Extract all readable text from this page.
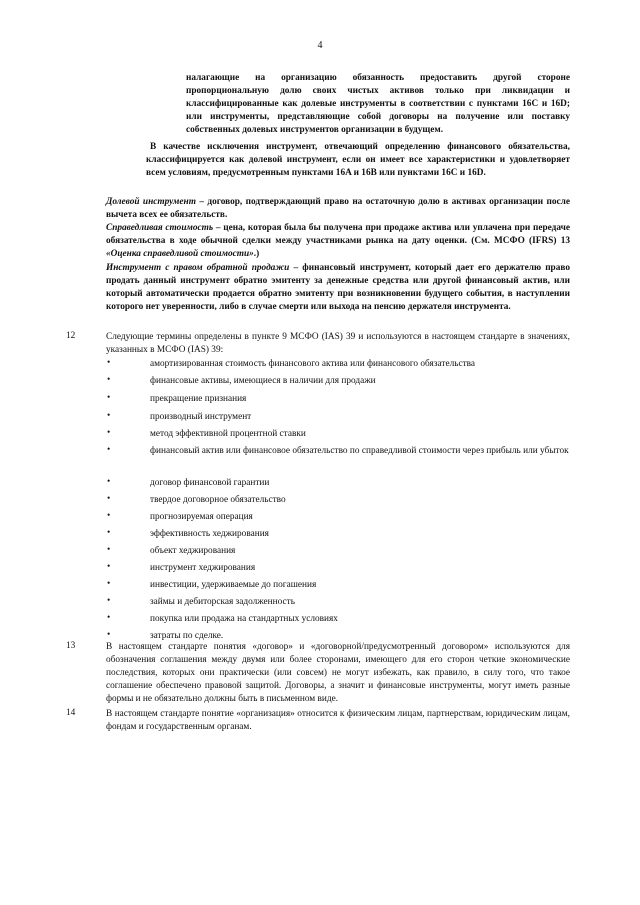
4
налагающие на организацию обязанность предоставить другой стороне пропорциональную долю своих чистых активов только при ликвидации и классифицированные как долевые инструменты в соответствии с пунктами 16C и 16D; или инструменты, представляющие собой договоры на получение или поставку собственных долевых инструментов организации в будущем.
В качестве исключения инструмент, отвечающий определению финансового обязательства, классифицируется как долевой инструмент, если он имеет все характеристики и удовлетворяет всем условиям, предусмотренным пунктами 16A и 16B или пунктами 16C и 16D.
Долевой инструмент – договор, подтверждающий право на остаточную долю в активах организации после вычета всех ее обязательств.
Справедливая стоимость – цена, которая была бы получена при продаже актива или уплачена при передаче обязательства в ходе обычной сделки между участниками рынка на дату оценки. (См. МСФО (IFRS) 13 «Оценка справедливой стоимости».)
Инструмент с правом обратной продажи – финансовый инструмент, который дает его держателю право продать данный инструмент обратно эмитенту за денежные средства или другой финансовый актив, или который автоматически продается обратно эмитенту при возникновении будущего события, в наступлении которого нет уверенности, либо в случае смерти или выхода на пенсию держателя инструмента.
12	Следующие термины определены в пункте 9 МСФО (IAS) 39 и используются в настоящем стандарте в значениях, указанных в МСФО (IAS) 39:
•	амортизированная стоимость финансового актива или финансового обязательства
•	финансовые активы, имеющиеся в наличии для продажи
•	прекращение признания
•	производный инструмент
•	метод эффективной процентной ставки
•	финансовый актив или финансовое обязательство по справедливой стоимости через прибыль или убыток
•	договор финансовой гарантии
•	твердое договорное обязательство
•	прогнозируемая операция
•	эффективность хеджирования
•	объект хеджирования
•	инструмент хеджирования
•	инвестиции, удерживаемые до погашения
•	займы и дебиторская задолженность
•	покупка или продажа на стандартных условиях
•	затраты по сделке.
13	В настоящем стандарте понятия «договор» и «договорной/предусмотренный договором» используются для обозначения соглашения между двумя или более сторонами, имеющего для его сторон четкие экономические последствия, которых они практически (или совсем) не могут избежать, как правило, в силу того, что такое соглашение обеспечено правовой защитой. Договоры, а значит и финансовые инструменты, могут иметь разные формы и не обязательно должны быть в письменном виде.
14	В настоящем стандарте понятие «организация» относится к физическим лицам, партнерствам, юридическим лицам, фондам и государственным органам.
